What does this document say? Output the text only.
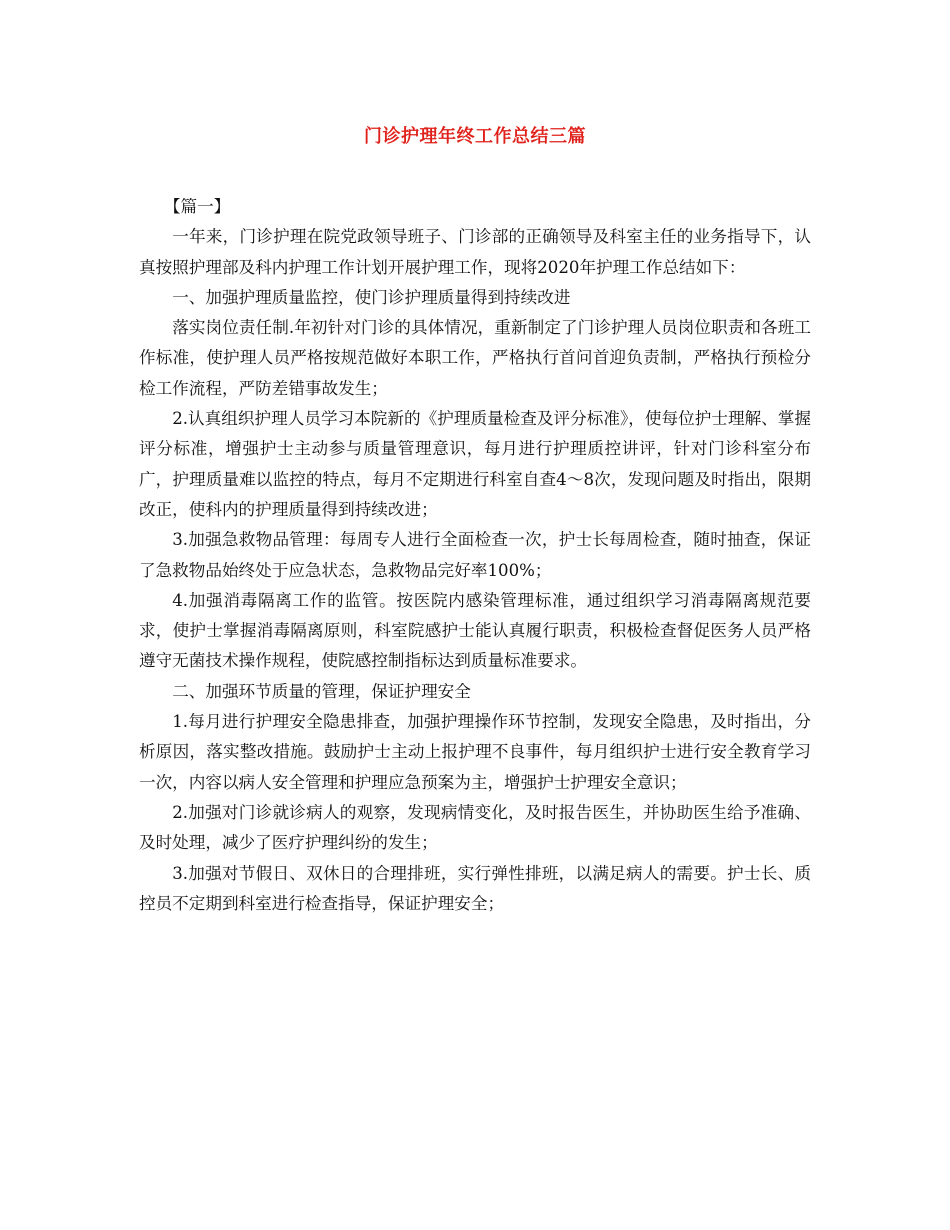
门诊护理年终工作总结三篇

【篇一】

一年来，门诊护理在院党政领导班子、门诊部的正确领导及科室主任的业务指导下，认真按照护理部及科内护理工作计划开展护理工作，现将2020年护理工作总结如下：

一、加强护理质量监控，使门诊护理质量得到持续改进

落实岗位责任制.年初针对门诊的具体情况，重新制定了门诊护理人员岗位职责和各班工作标准，使护理人员严格按规范做好本职工作，严格执行首问首迎负责制，严格执行预检分检工作流程，严防差错事故发生；

2.认真组织护理人员学习本院新的《护理质量检查及评分标准》，使每位护士理解、掌握评分标准，增强护士主动参与质量管理意识，每月进行护理质控讲评，针对门诊科室分布广，护理质量难以监控的特点，每月不定期进行科室自查4～8次，发现问题及时指出，限期改正，使科内的护理质量得到持续改进；

3.加强急救物品管理：每周专人进行全面检查一次，护士长每周检查，随时抽查，保证了急救物品始终处于应急状态，急救物品完好率100%；

4.加强消毒隔离工作的监管。按医院内感染管理标准，通过组织学习消毒隔离规范要求，使护士掌握消毒隔离原则，科室院感护士能认真履行职责，积极检查督促医务人员严格遵守无菌技术操作规程，使院感控制指标达到质量标准要求。

二、加强环节质量的管理，保证护理安全

1.每月进行护理安全隐患排查，加强护理操作环节控制，发现安全隐患，及时指出，分析原因，落实整改措施。鼓励护士主动上报护理不良事件，每月组织护士进行安全教育学习一次，内容以病人安全管理和护理应急预案为主，增强护士护理安全意识；

2.加强对门诊就诊病人的观察，发现病情变化，及时报告医生，并协助医生给予准确、及时处理，减少了医疗护理纠纷的发生；

3.加强对节假日、双休日的合理排班，实行弹性排班，以满足病人的需要。护士长、质控员不定期到科室进行检查指导，保证护理安全；
